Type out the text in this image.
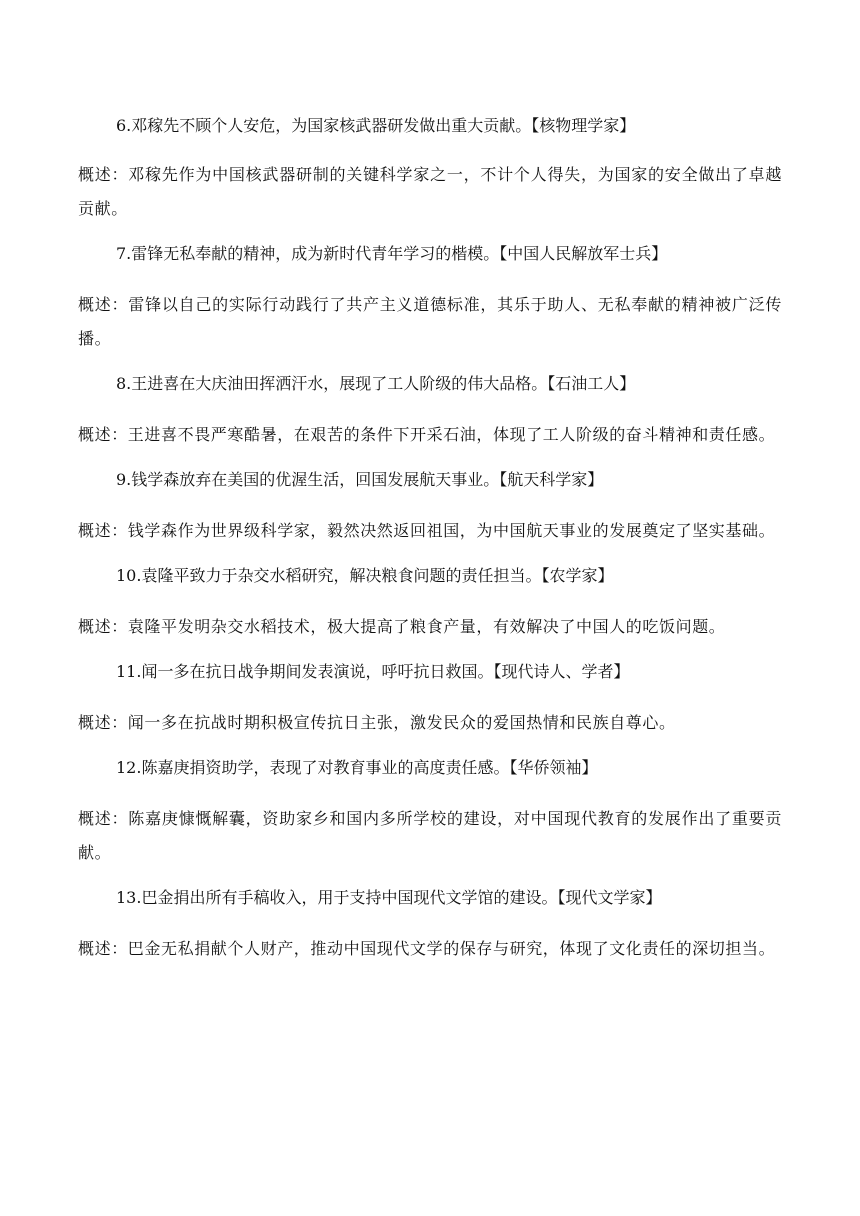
6.邓稼先不顾个人安危，为国家核武器研发做出重大贡献。【核物理学家】

概述：邓稼先作为中国核武器研制的关键科学家之一，不计个人得失，为国家的安全做出了卓越贡献。

7.雷锋无私奉献的精神，成为新时代青年学习的楷模。【中国人民解放军士兵】

概述：雷锋以自己的实际行动践行了共产主义道德标准，其乐于助人、无私奉献的精神被广泛传播。

8.王进喜在大庆油田挥洒汗水，展现了工人阶级的伟大品格。【石油工人】

概述：王进喜不畏严寒酷暑，在艰苦的条件下开采石油，体现了工人阶级的奋斗精神和责任感。

9.钱学森放弃在美国的优渥生活，回国发展航天事业。【航天科学家】

概述：钱学森作为世界级科学家，毅然决然返回祖国，为中国航天事业的发展奠定了坚实基础。

10.袁隆平致力于杂交水稻研究，解决粮食问题的责任担当。【农学家】

概述：袁隆平发明杂交水稻技术，极大提高了粮食产量，有效解决了中国人的吃饭问题。

11.闻一多在抗日战争期间发表演说，呼吁抗日救国。【现代诗人、学者】

概述：闻一多在抗战时期积极宣传抗日主张，激发民众的爱国热情和民族自尊心。

12.陈嘉庚捐资助学，表现了对教育事业的高度责任感。【华侨领袖】

概述：陈嘉庚慷慨解囊，资助家乡和国内多所学校的建设，对中国现代教育的发展作出了重要贡献。

13.巴金捐出所有手稿收入，用于支持中国现代文学馆的建设。【现代文学家】

概述：巴金无私捐献个人财产，推动中国现代文学的保存与研究，体现了文化责任的深切担当。
